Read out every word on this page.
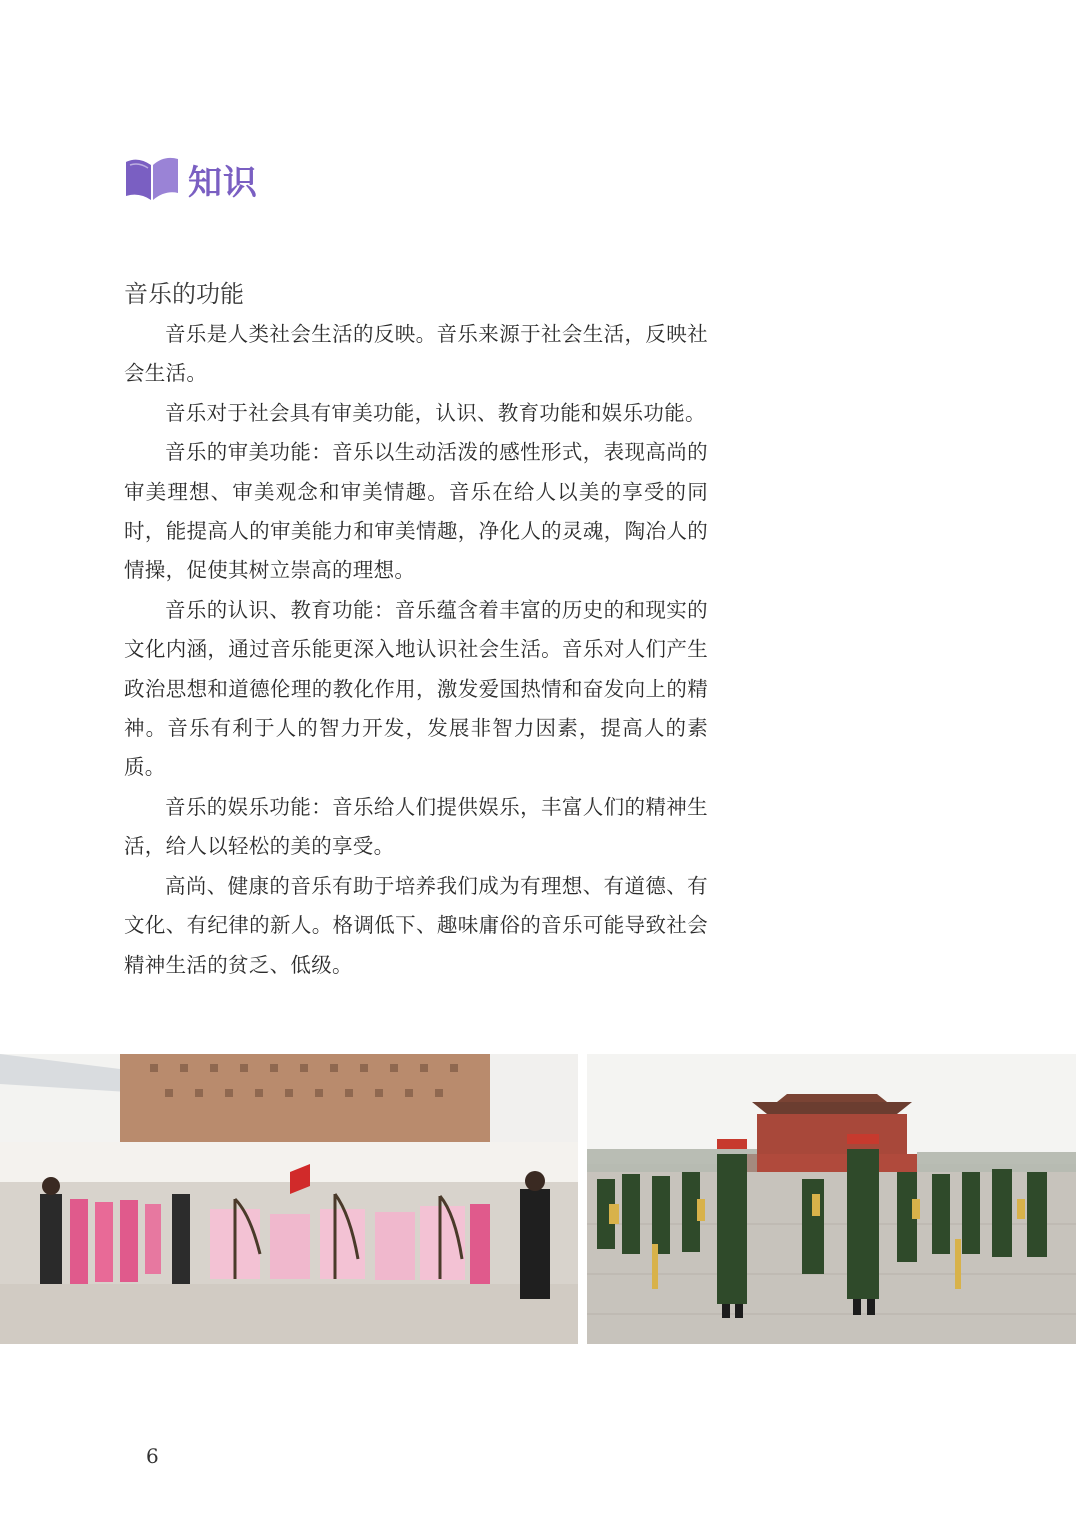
知识
音乐的功能

音乐是人类社会生活的反映。音乐来源于社会生活，反映社会生活。

音乐对于社会具有审美功能，认识、教育功能和娱乐功能。

音乐的审美功能：音乐以生动活泼的感性形式，表现高尚的审美理想、审美观念和审美情趣。音乐在给人以美的享受的同时，能提高人的审美能力和审美情趣，净化人的灵魂，陶冶人的情操，促使其树立崇高的理想。

音乐的认识、教育功能：音乐蕴含着丰富的历史的和现实的文化内涵，通过音乐能更深入地认识社会生活。音乐对人们产生政治思想和道德伦理的教化作用，激发爱国热情和奋发向上的精神。音乐有利于人的智力开发，发展非智力因素，提高人的素质。

音乐的娱乐功能：音乐给人们提供娱乐，丰富人们的精神生活，给人以轻松的美的享受。

高尚、健康的音乐有助于培养我们成为有理想、有道德、有文化、有纪律的新人。格调低下、趣味庸俗的音乐可能导致社会精神生活的贫乏、低级。

6
